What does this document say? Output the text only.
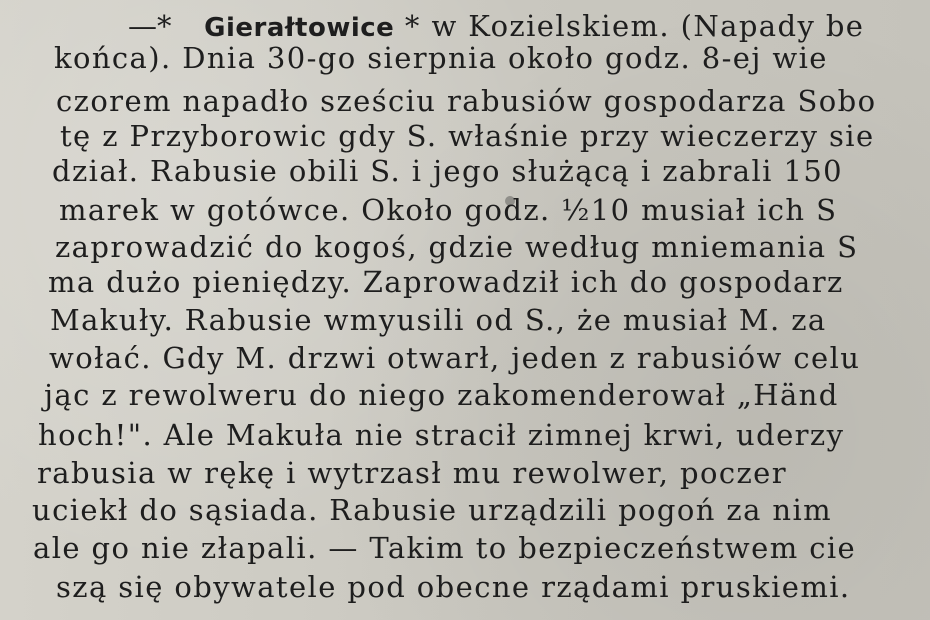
—* Gierałtowice * w Kozielskiem. (Napady be
końca). Dnia 30-go sierpnia około godz. 8-ej wie
czorem napadło sześciu rabusiów gospodarza Sobo
tę z Przyborowic gdy S. właśnie przy wieczerzy sie
dział. Rabusie obili S. i jego służącą i zabrali 150
marek w gotówce. Około godz. ½10 musiał ich S
zaprowadzić do kogoś, gdzie według mniemania S
ma dużo pieniędzy. Zaprowadził ich do gospodarz
Makuły. Rabusie wmyusili od S., że musiał M. za
wołać. Gdy M. drzwi otwarł, jeden z rabusiów celu
jąc z rewolweru do niego zakomenderował „Händ
hoch!". Ale Makuła nie stracił zimnej krwi, uderzy
rabusia w rękę i wytrzasł mu rewolwer, poczer
uciekł do sąsiada. Rabusie urządzili pogoń za nim
ale go nie złapali. — Takim to bezpieczeństwem cie
szą się obywatele pod obecne rządami pruskiemi.
